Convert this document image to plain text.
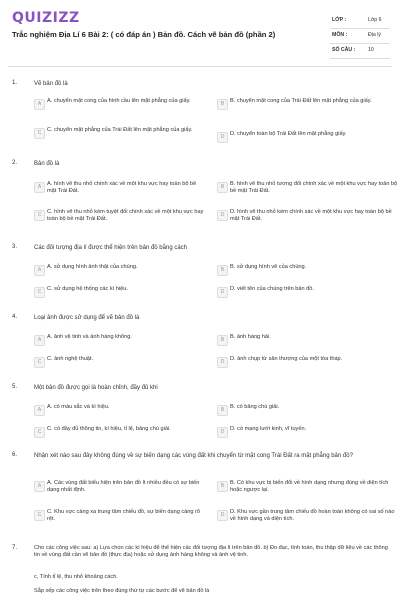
QUIZIZZ
Trắc nghiệm Địa Lí 6 Bài 2: ( có đáp án ) Bản đồ. Cách vẽ bản đồ (phần 2)
LỚP :	Lớp 6
MÔN :	Địa lý
SỐ CÂU : 10
1.	Vẽ bản đồ là
A	A. chuyển mặt cong của hình cầu lên mặt phẳng của giấy.	B	B. chuyển mặt cong của Trái Đất lên mặt phẳng của giấy.
C	C. chuyển mặt phẳng của Trái Đất lên mặt phẳng của giấy.
D	D. chuyển toàn bộ Trái Đất lên mặt phẳng giấy.
2.	Bản đồ là
A	A. hình vẽ thu nhỏ chính xác về một khu vực hay toàn bộ bề mặt Trái Đất.
B	B. hình vẽ thu nhỏ tương đối chính xác về một khu vực hay toàn bộ bề mặt Trái Đất.
C	C. hình vẽ thu nhỏ kém tuyệt đối chính xác về một khu vực hay toàn bộ bề mặt Trái Đất.
D	D. hình vẽ thu nhỏ kém chính xác về một khu vực hay toàn bộ bề mặt Trái Đất.
3.	Các đối tượng địa lí được thể hiện trên bản đồ bằng cách
A	A. sử dụng hình ảnh thật của chúng.	B	B. sử dụng hình vẽ của chúng.
C	C. sử dụng hệ thống các kí hiệu.	D	D. viết tên của chúng trên bản đồ.
4.	Loại ảnh được sử dụng để vẽ bản đồ là
A	A. ảnh vệ tinh và ảnh hàng không.	B	B. ảnh hàng hải.
C	C. ảnh nghệ thuật.	D	D. ảnh chụp từ sân thượng của một tòa tháp.
5.	Một bản đồ được gọi là hoàn chỉnh, đầy đủ khi
A	A. có màu sắc và kí hiệu.	B	B. có bảng chú giải.
C	C. có đầy đủ thông tin, kí hiệu, tỉ lệ, bảng chú giải.	D	D. có mạng lưới kinh, vĩ tuyến.
6.	Nhận xét nào sau đây không đúng về sự biến dạng các vùng đất khi chuyển từ mặt cong Trái Đất ra mặt phẳng bản đồ?
A	A. Các vùng đất biểu hiện trên bản đồ ít nhiều đều có sự biến dạng nhất định.
B	B. Có khu vực bị biến đổi về hình dạng nhưng đúng về diện tích hoặc ngược lại.
C	C. Khu vực càng xa trung tâm chiếu đồ, sự biến dạng càng rõ rệt.
D	D. Khu vực gần trung tâm chiếu đồ hoàn toàn không có sai số nào về hình dạng và diện tích.
7.	Cho các công việc sau: a) Lựa chọn các kí hiệu để thể hiện các đối tượng địa lí trên bản đồ. b) Đo đạc, tính toán, thu thập dữ liệu về các thông tin về vùng đất cần vẽ bản đồ (thực địa) hoặc sử dụng ảnh hàng không và ảnh vệ tinh.
c, Tính tỉ lệ, thu nhỏ khoảng cách.
Sắp xếp các công việc trên theo đúng thứ tự các bước để vẽ bản đồ là
